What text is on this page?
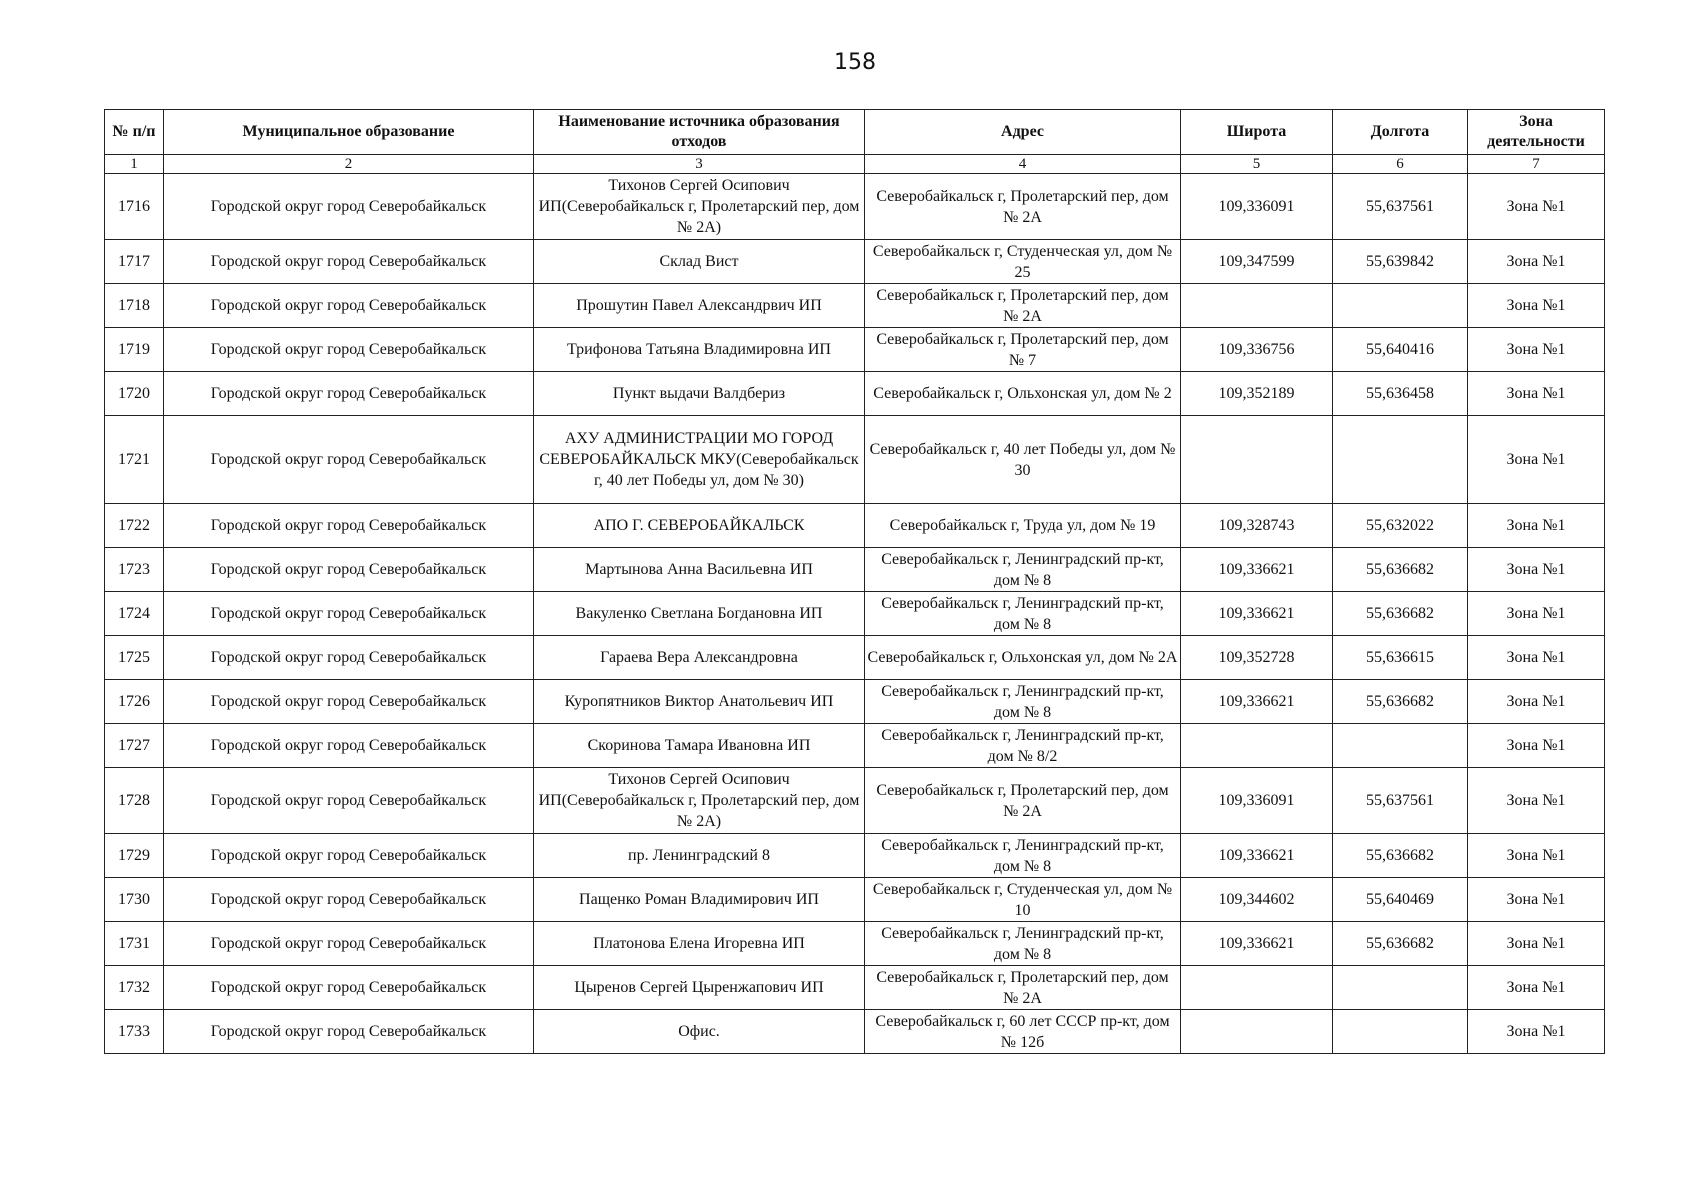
158
№ п/п	Муниципальное образование	Наименование источника образования отходов	Адрес	Широта	Долгота	Зона деятельности
1	2	3	4	5	6	7
1716	Городской округ город Северобайкальск	Тихонов Сергей Осипович ИП(Северобайкальск г, Пролетарский пер, дом № 2А)	Северобайкальск г, Пролетарский пер, дом № 2А	109,336091	55,637561	Зона №1
1717	Городской округ город Северобайкальск	Склад Вист	Северобайкальск г, Студенческая ул, дом № 25	109,347599	55,639842	Зона №1
1718	Городской округ город Северобайкальск	Прошутин Павел Александрвич ИП	Северобайкальск г, Пролетарский пер, дом № 2А			Зона №1
1719	Городской округ город Северобайкальск	Трифонова Татьяна Владимировна ИП	Северобайкальск г, Пролетарский пер, дом № 7	109,336756	55,640416	Зона №1
1720	Городской округ город Северобайкальск	Пункт выдачи Валдбериз	Северобайкальск г, Ольхонская ул, дом № 2	109,352189	55,636458	Зона №1
1721	Городской округ город Северобайкальск	АХУ АДМИНИСТРАЦИИ МО ГОРОД СЕВЕРОБАЙКАЛЬСК МКУ(Северобайкальск г, 40 лет Победы ул, дом № 30)	Северобайкальск г, 40 лет Победы ул, дом № 30			Зона №1
1722	Городской округ город Северобайкальск	АПО Г. СЕВЕРОБАЙКАЛЬСК	Северобайкальск г, Труда ул, дом № 19	109,328743	55,632022	Зона №1
1723	Городской округ город Северобайкальск	Мартынова Анна Васильевна ИП	Северобайкальск г, Ленинградский пр-кт, дом № 8	109,336621	55,636682	Зона №1
1724	Городской округ город Северобайкальск	Вакуленко Светлана Богдановна ИП	Северобайкальск г, Ленинградский пр-кт, дом № 8	109,336621	55,636682	Зона №1
1725	Городской округ город Северобайкальск	Гараева Вера Александровна	Северобайкальск г, Ольхонская ул, дом № 2А	109,352728	55,636615	Зона №1
1726	Городской округ город Северобайкальск	Куропятников Виктор Анатольевич ИП	Северобайкальск г, Ленинградский пр-кт, дом № 8	109,336621	55,636682	Зона №1
1727	Городской округ город Северобайкальск	Скоринова Тамара Ивановна ИП	Северобайкальск г, Ленинградский пр-кт, дом № 8/2			Зона №1
1728	Городской округ город Северобайкальск	Тихонов Сергей Осипович ИП(Северобайкальск г, Пролетарский пер, дом № 2А)	Северобайкальск г, Пролетарский пер, дом № 2А	109,336091	55,637561	Зона №1
1729	Городской округ город Северобайкальск	пр. Ленинградский 8	Северобайкальск г, Ленинградский пр-кт, дом № 8	109,336621	55,636682	Зона №1
1730	Городской округ город Северобайкальск	Пащенко Роман Владимирович ИП	Северобайкальск г, Студенческая ул, дом № 10	109,344602	55,640469	Зона №1
1731	Городской округ город Северобайкальск	Платонова Елена Игоревна ИП	Северобайкальск г, Ленинградский пр-кт, дом № 8	109,336621	55,636682	Зона №1
1732	Городской округ город Северобайкальск	Цыренов Сергей Цыренжапович ИП	Северобайкальск г, Пролетарский пер, дом № 2А			Зона №1
1733	Городской округ город Северобайкальск	Офис.	Северобайкальск г, 60 лет СССР пр-кт, дом № 12б			Зона №1
